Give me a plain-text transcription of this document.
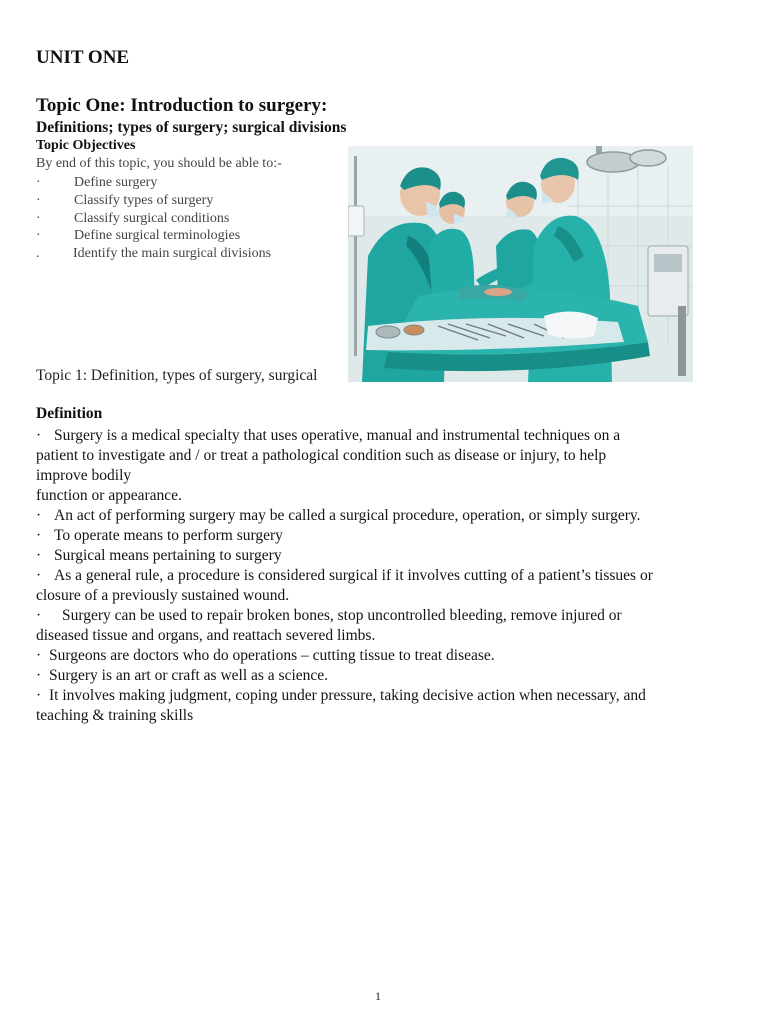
UNIT ONE
Topic One: Introduction to surgery:
Definitions; types of surgery; surgical divisions
Topic Objectives
By end of this topic, you should be able to:-
·	Define surgery
·	Classify types of surgery
·	Classify surgical conditions
·	Define surgical terminologies
.	Identify the main surgical divisions
Topic 1: Definition, types of surgery, surgical
Definition

· Surgery is a medical specialty that uses operative, manual and instrumental techniques on a
patient to investigate and / or treat a pathological condition such as disease or injury, to help
improve bodily
function or appearance.

· An act of performing surgery may be called a surgical procedure, operation, or simply surgery.

· To operate means to perform surgery

· Surgical means pertaining to surgery

· As a general rule, a procedure is considered surgical if it involves cutting of a patient’s tissues or
closure of a previously sustained wound.

· Surgery can be used to repair broken bones, stop uncontrolled bleeding, remove injured or
diseased tissue and organs, and reattach severed limbs.

· Surgeons are doctors who do operations – cutting tissue to treat disease.

· Surgery is an art or craft as well as a science.

· It involves making judgment, coping under pressure, taking decisive action when necessary, and
teaching & training skills

1
